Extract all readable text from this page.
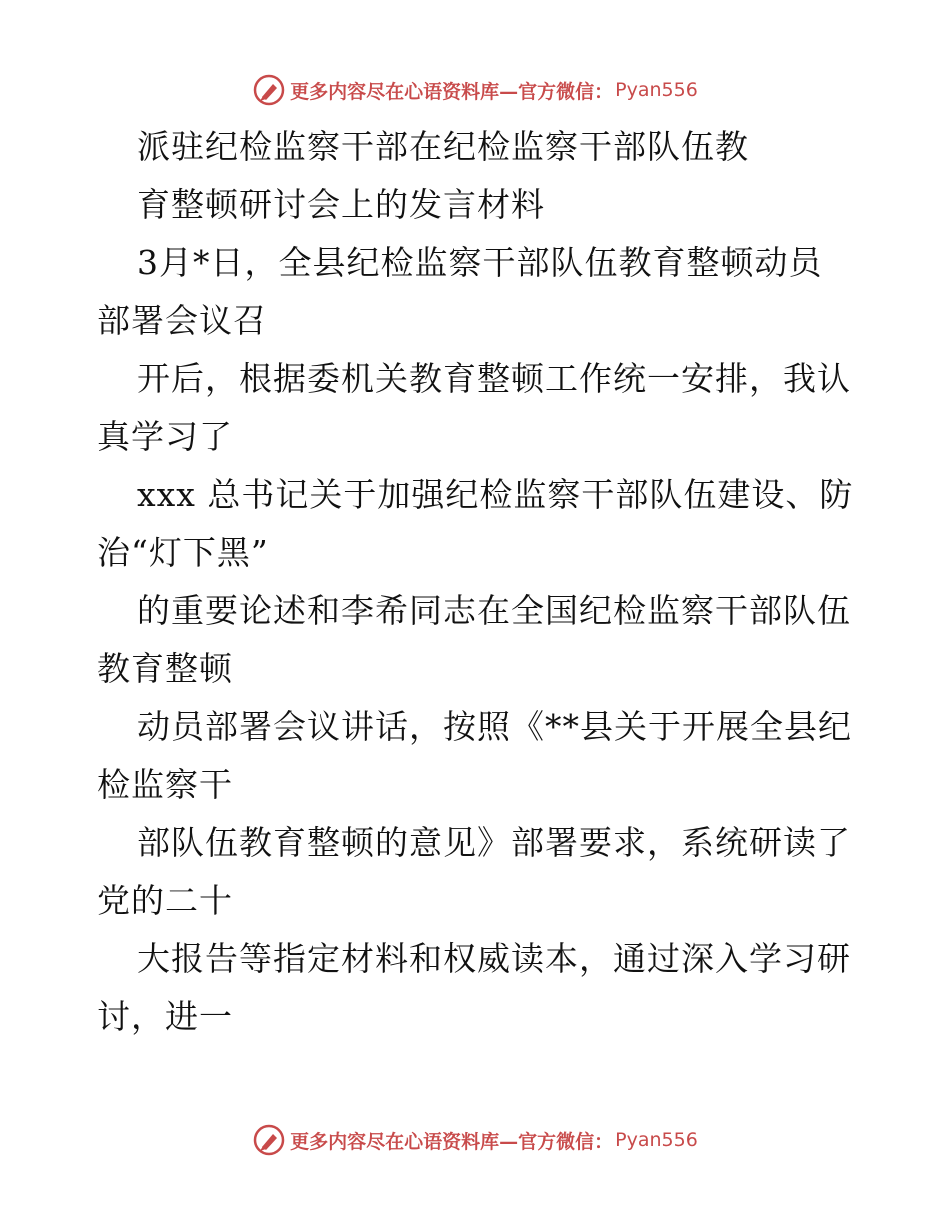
更多内容尽在心语资料库—官方微信： Pyan556
派驻纪检监察干部在纪检监察干部队伍教
育整顿研讨会上的发言材料
3月*日，全县纪检监察干部队伍教育整顿动员
部署会议召
开后，根据委机关教育整顿工作统一安排，我认
真学习了
xxx 总书记关于加强纪检监察干部队伍建设、防
治“灯下黑”
的重要论述和李希同志在全国纪检监察干部队伍
教育整顿
动员部署会议讲话，按照《**县关于开展全县纪
检监察干
部队伍教育整顿的意见》部署要求，系统研读了
党的二十
大报告等指定材料和权威读本，通过深入学习研
讨，进一
更多内容尽在心语资料库—官方微信： Pyan556
